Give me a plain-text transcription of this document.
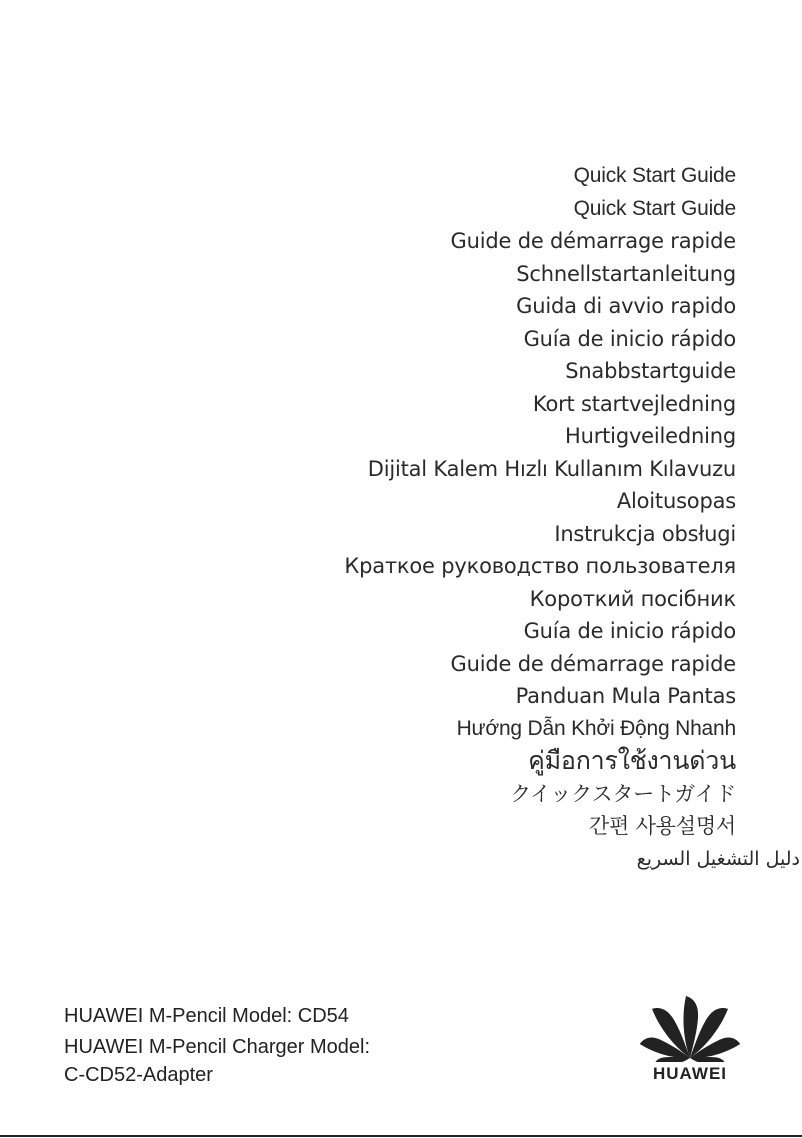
Quick Start Guide
Quick Start Guide
Guide de démarrage rapide
Schnellstartanleitung
Guida di avvio rapido
Guía de inicio rápido
Snabbstartguide
Kort startvejledning
Hurtigveiledning
Dijital Kalem Hızlı Kullanım Kılavuzu
Aloitusopas
Instrukcja obsługi
Краткое руководство пользователя
Короткий посібник
Guía de inicio rápido
Guide de démarrage rapide
Panduan Mula Pantas
Hướng Dẫn Khởi Động Nhanh
คู่มือการใช้งานด่วน
クイックスタートガイド
간편 사용설명서
دليل التشغيل السريع
HUAWEI M-Pencil Model: CD54
HUAWEI M-Pencil Charger Model:
C-CD52-Adapter	HUAWEI
